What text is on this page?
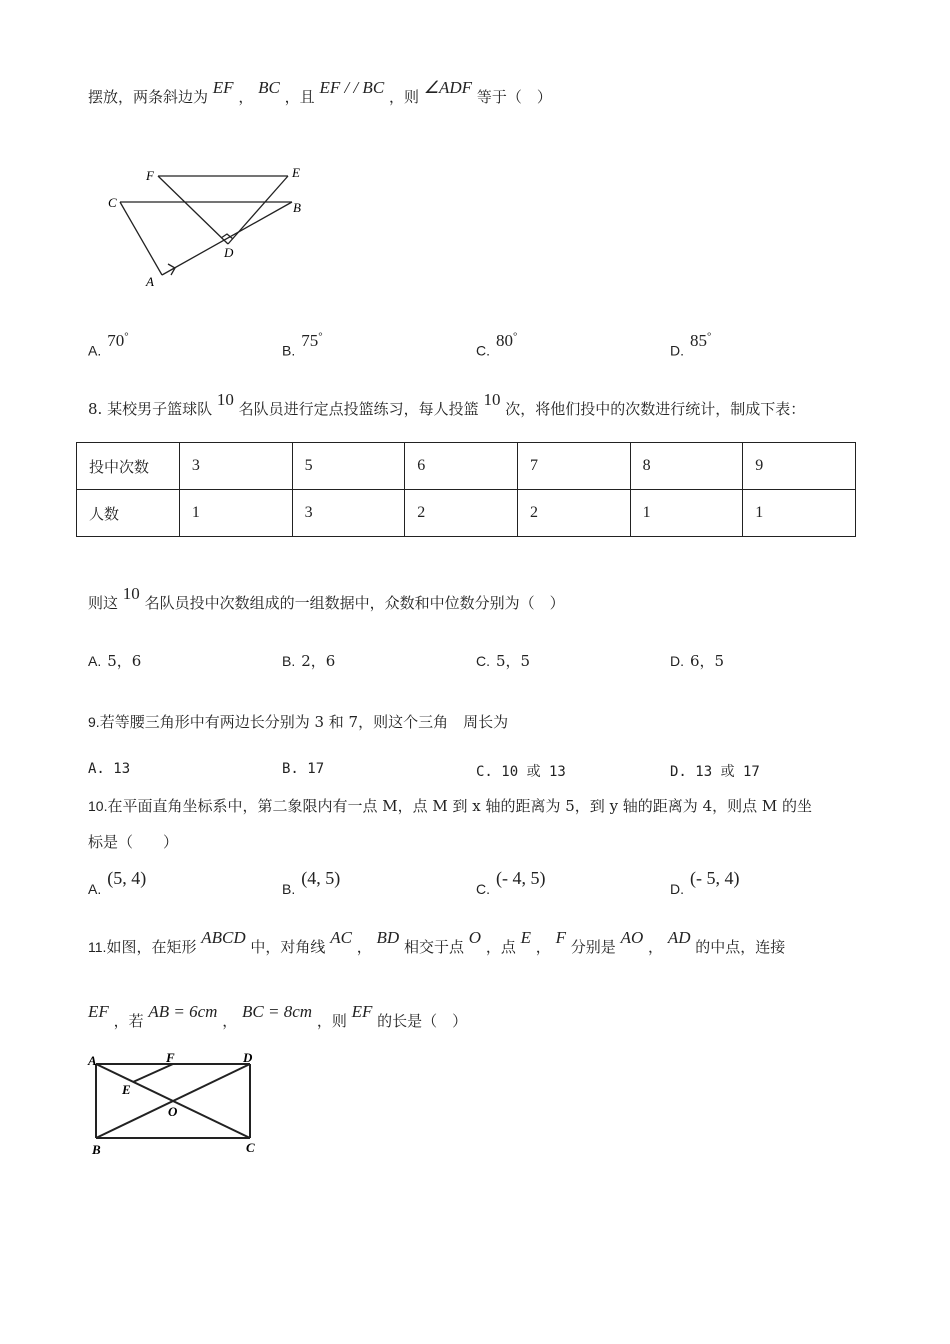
摆放，两条斜边为 EF ， BC ，且 EF / / BC ，则 ∠ADF 等于（　）
F	E
C	B
D
A
A.70°
B.75°
C.80°
D.85°
8. 某校男子篮球队 10 名队员进行定点投篮练习，每人投篮 10 次，将他们投中的次数进行统计，制成下表：
投中次数	3	5	6	7	8	9
人数	1	3	2	2	1	1
则这 10 名队员投中次数组成的一组数据中，众数和中位数分别为（　）
A. 5，6	B. 2，6	C. 5，5	D. 6，5
9.若等腰三角形中有两边长分别为 3 和 7，则这个三角　周长为
A. 13	B. 17	C. 10 或 13	D. 13 或 17
10.在平面直角坐标系中，第二象限内有一点 M，点 M 到 x 轴的距离为 5，到 y 轴的距离为 4，则点 M 的坐
标是（　　）
A.(5, 4)
B.(4, 5)
C.(- 4, 5)
D.(- 5, 4)
11.如图，在矩形 ABCD 中，对角线 AC ， BD 相交于点 O ，点 E ， F 分别是 AO ， AD 的中点，连接
EF ，若 AB = 6cm ， BC = 8cm ，则 EF 的长是（　）
A	F	D
E
O
B	C
